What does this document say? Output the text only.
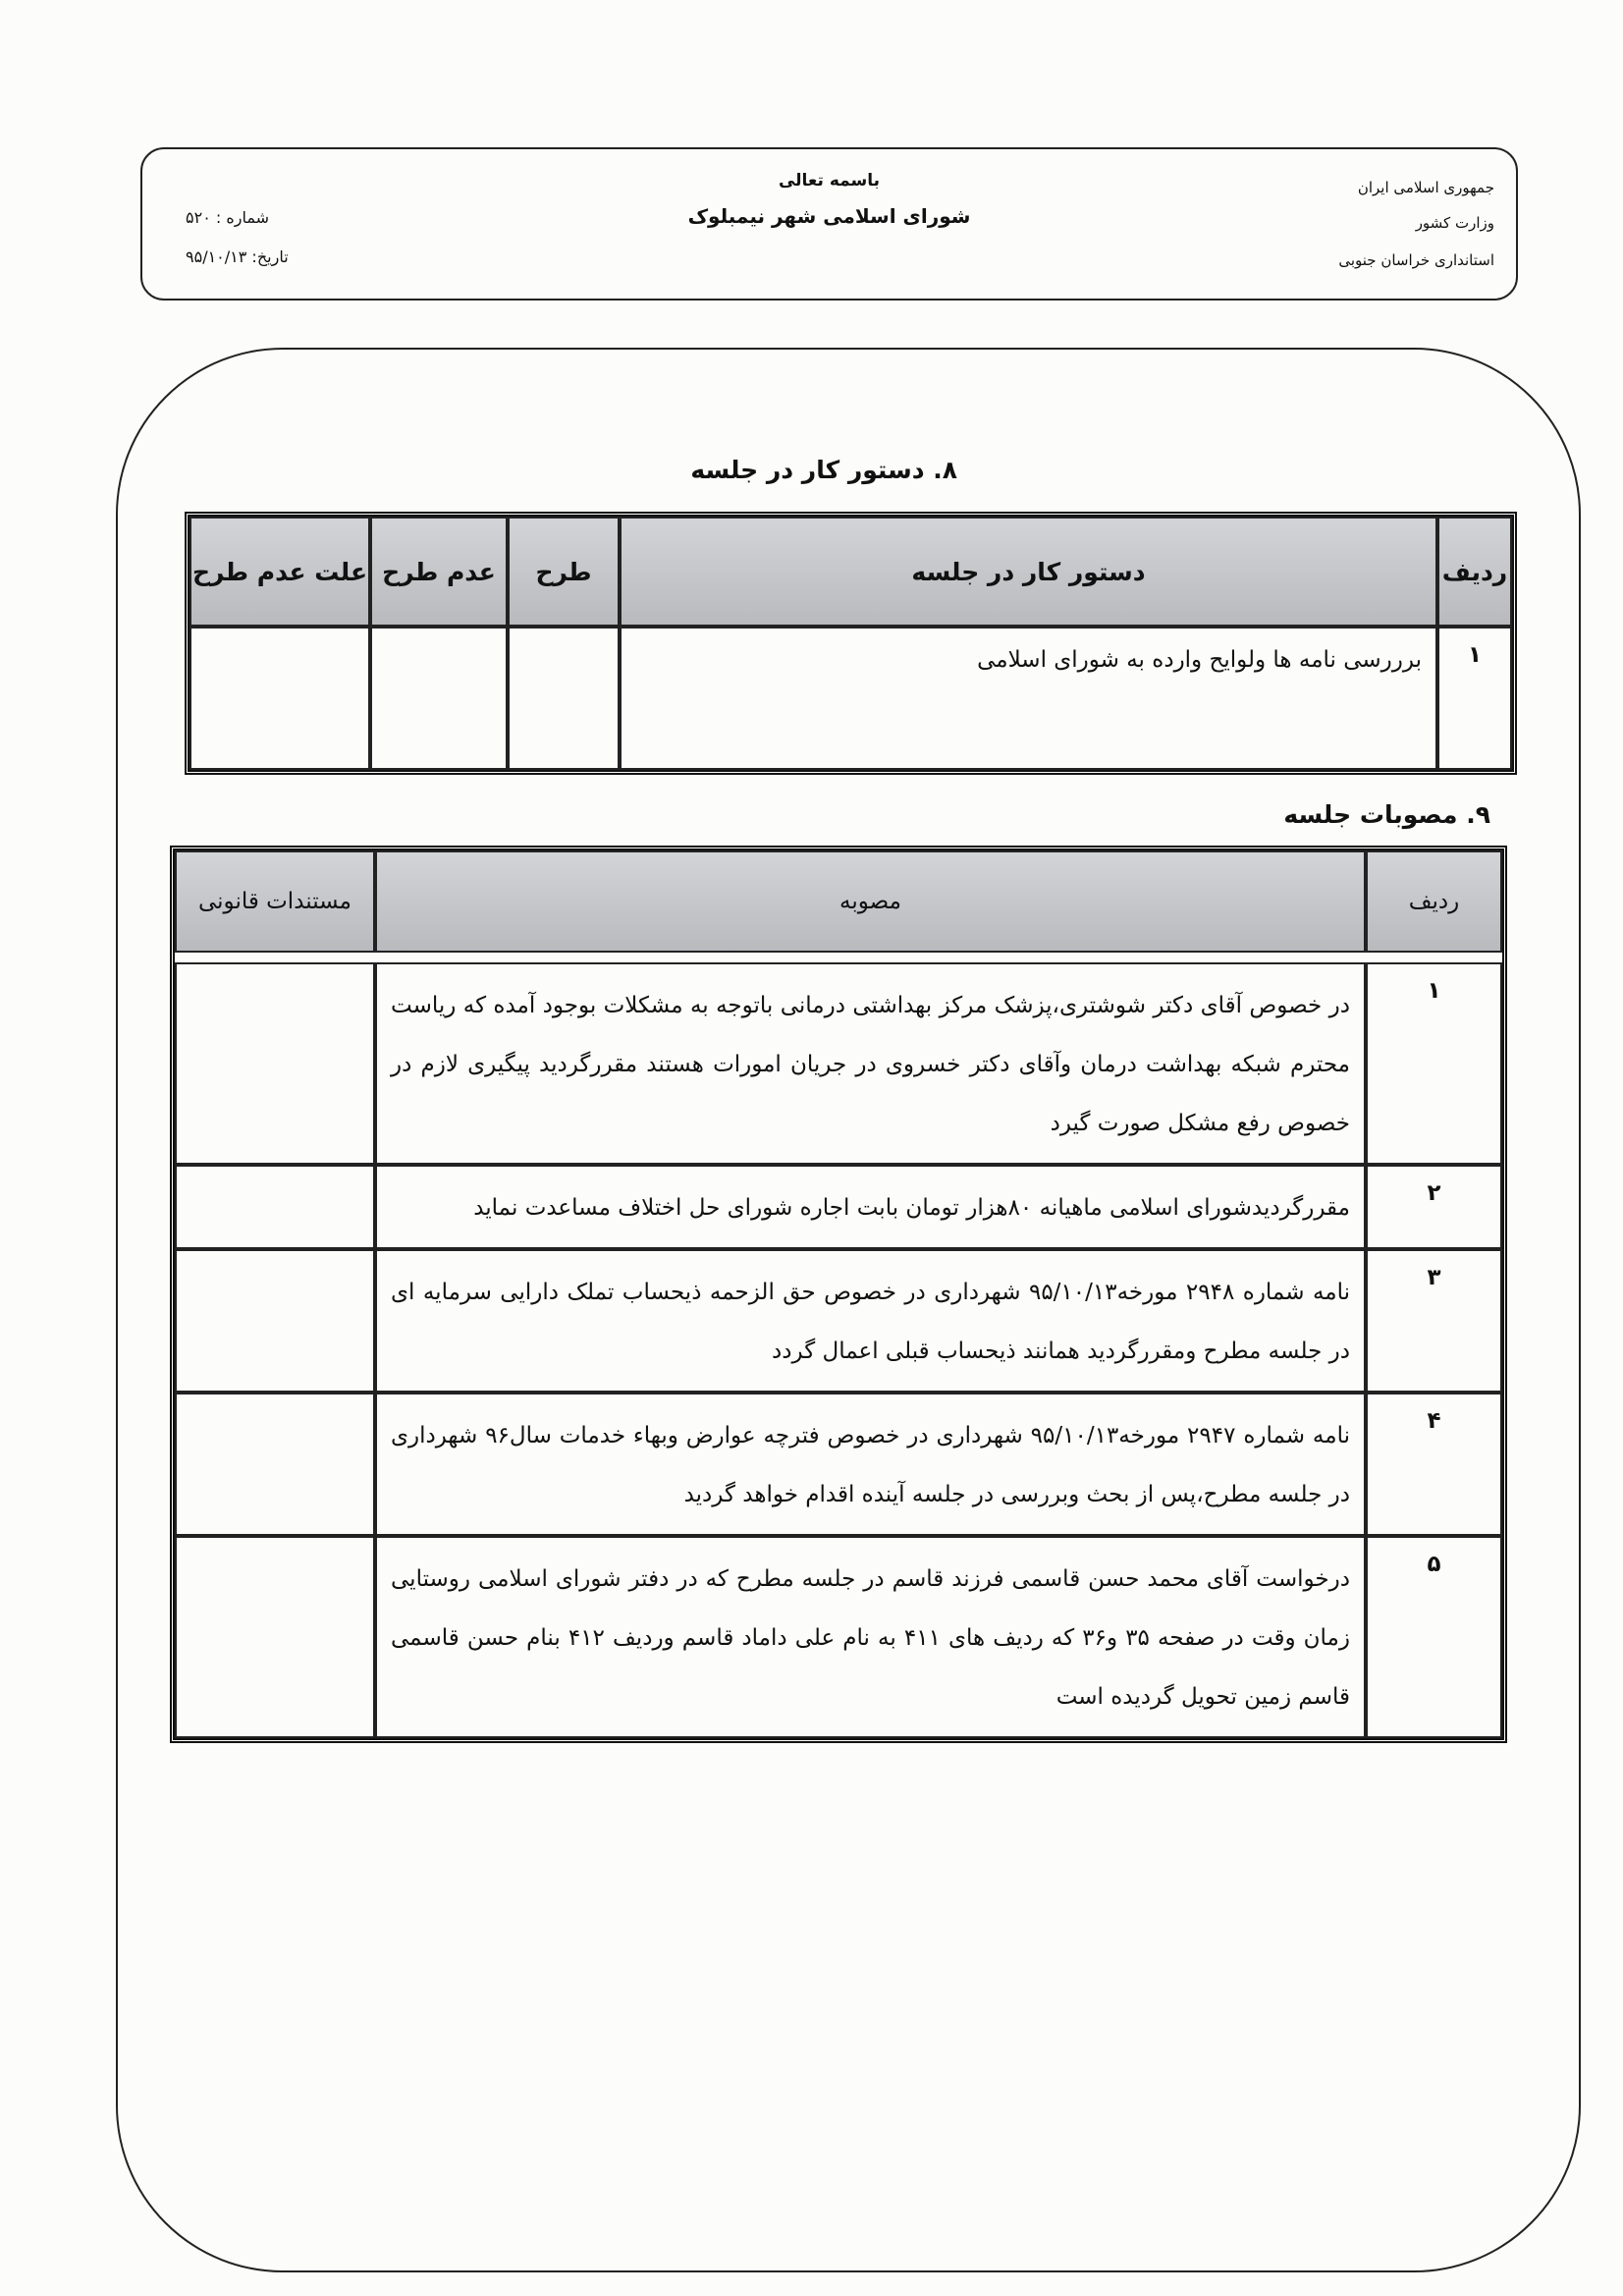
جمهوری اسلامی ایران
وزارت کشور
استانداری خراسان جنوبی
باسمه تعالی
شورای اسلامی شهر نیمبلوک
شماره : ۵۲۰
تاریخ: ۹۵/۱۰/۱۳
۸. دستور کار در جلسه
ردیف	دستور کار در جلسه	طرح	عدم طرح	علت عدم طرح
۱	برررسی نامه ها ولوایح وارده به شورای اسلامی			
۹. مصوبات جلسه
ردیف	مصوبه	مستندات قانونی

۱	در خصوص آقای دکتر شوشتری،پزشک مرکز بهداشتی درمانی باتوجه به مشکلات بوجود آمده که ریاست محترم شبکه بهداشت درمان وآقای دکتر خسروی در جریان امورات هستند مقررگردید پیگیری لازم در خصوص رفع مشکل صورت گیرد	
۲	مقررگردیدشورای اسلامی ماهیانه ۸۰هزار تومان بابت اجاره شورای حل اختلاف مساعدت نماید	
۳	نامه شماره ۲۹۴۸ مورخه۹۵/۱۰/۱۳ شهرداری در خصوص حق الزحمه ذیحساب تملک دارایی سرمایه ای در جلسه مطرح ومقررگردید همانند ذیحساب قبلی اعمال گردد	
۴	نامه شماره ۲۹۴۷ مورخه۹۵/۱۰/۱۳ شهرداری در خصوص فترچه عوارض وبهاء خدمات سال۹۶ شهرداری در جلسه مطرح،پس از بحث وبررسی در جلسه آینده اقدام خواهد گردید	
۵	درخواست آقای محمد حسن قاسمی فرزند قاسم در جلسه مطرح که در دفتر شورای اسلامی روستایی زمان وقت در صفحه ۳۵ و۳۶ که ردیف های ۴۱۱ به نام علی داماد قاسم وردیف ۴۱۲ بنام حسن قاسمی قاسم زمین تحویل گردیده است	
